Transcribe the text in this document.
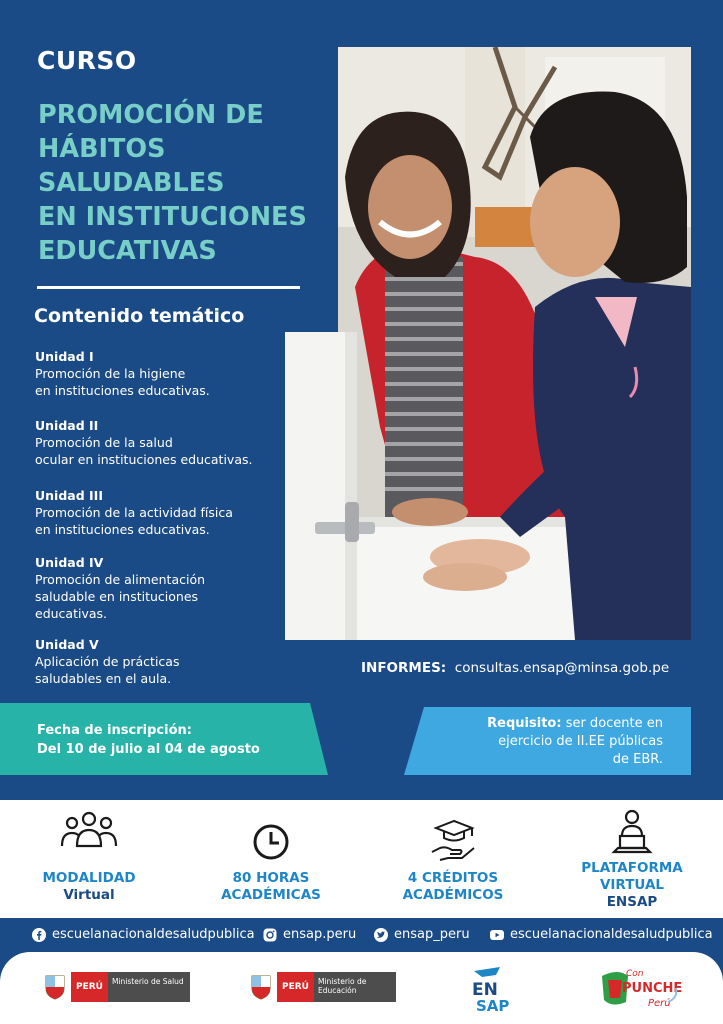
CURSO
PROMOCIÓN DE
HÁBITOS
SALUDABLES
EN INSTITUCIONES
EDUCATIVAS
Contenido temático
Unidad I
Promoción de la higiene
en instituciones educativas.
Unidad II
Promoción de la salud
ocular en instituciones educativas.
Unidad III
Promoción de la actividad física
en instituciones educativas.
Unidad IV
Promoción de alimentación
saludable en instituciones
educativas.
Unidad V
Aplicación de prácticas
saludables en el aula.
INFORMES: consultas.ensap@minsa.gob.pe
Fecha de inscripción:
Del 10 de julio al 04 de agosto
Requisito: ser docente en
ejercicio de II.EE públicas
de EBR.
MODALIDAD
Virtual
80 HORAS
ACADÉMICAS
4 CRÉDITOS
ACADÉMICOS
PLATAFORMA
VIRTUAL
ENSAP
escuelanacionaldesaludpublica ensap.peru	ensap_peru	escuelanacionaldesaludpublica
PERÚ
Ministerio de Salud
PERÚ
Ministerio de Educación	EN
SAP
Con
PUNCHE
Perú
